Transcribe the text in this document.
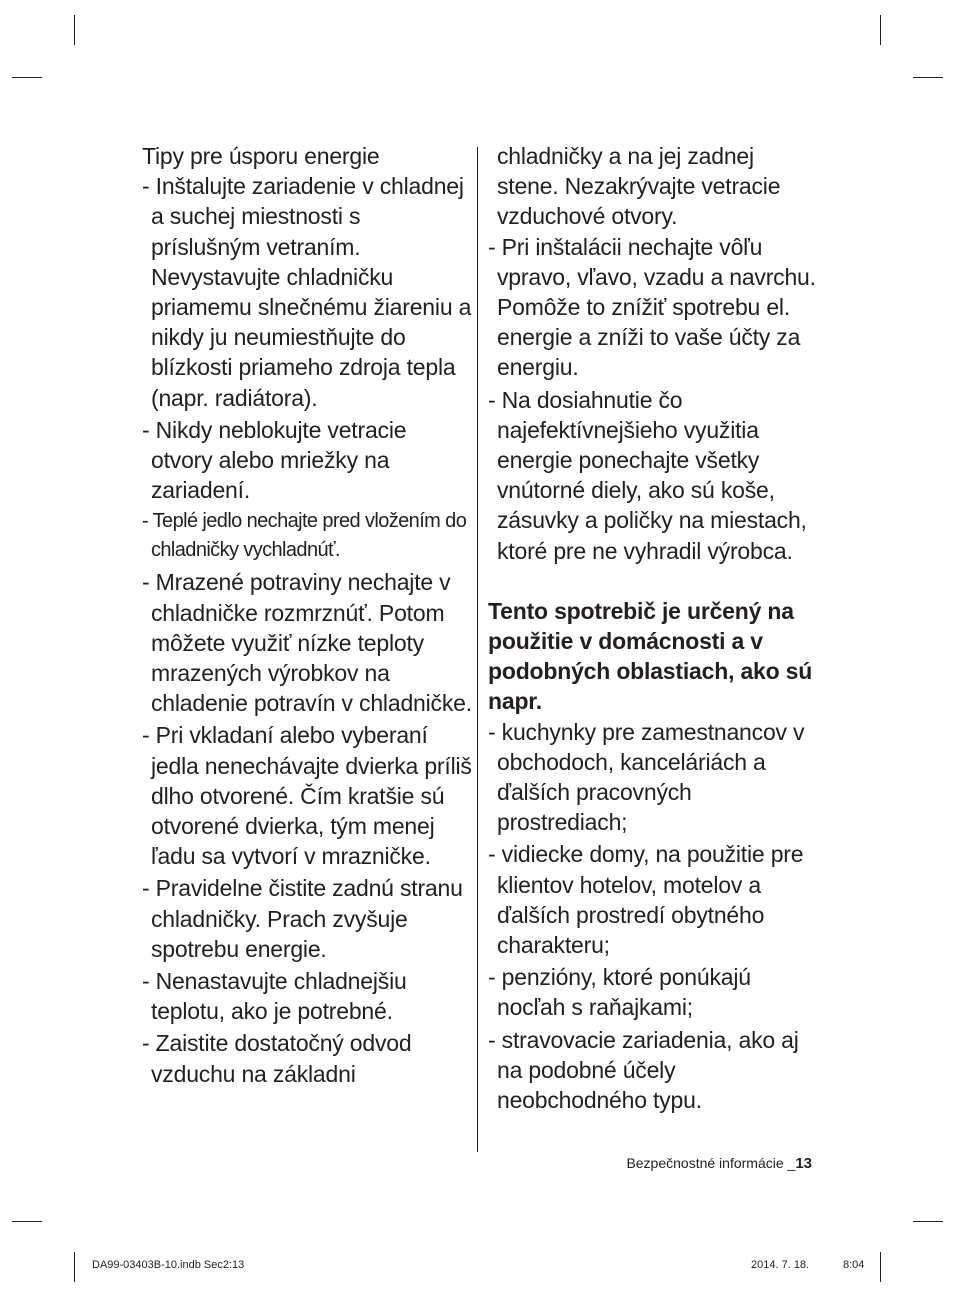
Tipy pre úsporu energie

- Inštalujte zariadenie v chladnej a suchej miestnosti s príslušným vetraním. Nevystavujte chladničku priamemu slnečnému žiareniu a nikdy ju neumiestňujte do blízkosti priameho zdroja tepla (napr. radiátora).
- Nikdy neblokujte vetracie otvory alebo mriežky na zariadení.
- Teplé jedlo nechajte pred vložením do chladničky vychladnúť.
- Mrazené potraviny nechajte v chladničke rozmrznúť. Potom môžete využiť nízke teploty mrazených výrobkov na chladenie potravín v chladničke.
- Pri vkladaní alebo vyberaní jedla nenechávajte dvierka príliš dlho otvorené. Čím kratšie sú otvorené dvierka, tým menej ľadu sa vytvorí v mrazničke.
- Pravidelne čistite zadnú stranu chladničky. Prach zvyšuje spotrebu energie.
- Nenastavujte chladnejšiu teplotu, ako je potrebné.
- Zaistite dostatočný odvod vzduchu na základni
chladničky a na jej zadnej stene. Nezakrývajte vetracie vzduchové otvory.
- Pri inštalácii nechajte vôľu vpravo, vľavo, vzadu a navrchu. Pomôže to znížiť spotrebu el. energie a zníži to vaše účty za energiu.
- Na dosiahnutie čo najefektívnejšieho využitia energie ponechajte všetky vnútorné diely, ako sú koše, zásuvky a poličky na miestach, ktoré pre ne vyhradil výrobca.

Tento spotrebič je určený na použitie v domácnosti a v podobných oblastiach, ako sú napr.

- kuchynky pre zamestnancov v obchodoch, kanceláriách a ďalších pracovných prostrediach;
- vidiecke domy, na použitie pre klientov hotelov, motelov a ďalších prostredí obytného charakteru;
- penzióny, ktoré ponúkajú nocľah s raňajkami;
- stravovacie zariadenia, ako aj na podobné účely neobchodného typu.
Bezpečnostné informácie _13
DA99-03403B-10.indb Sec2:13	2014. 7. 18.	8:04
